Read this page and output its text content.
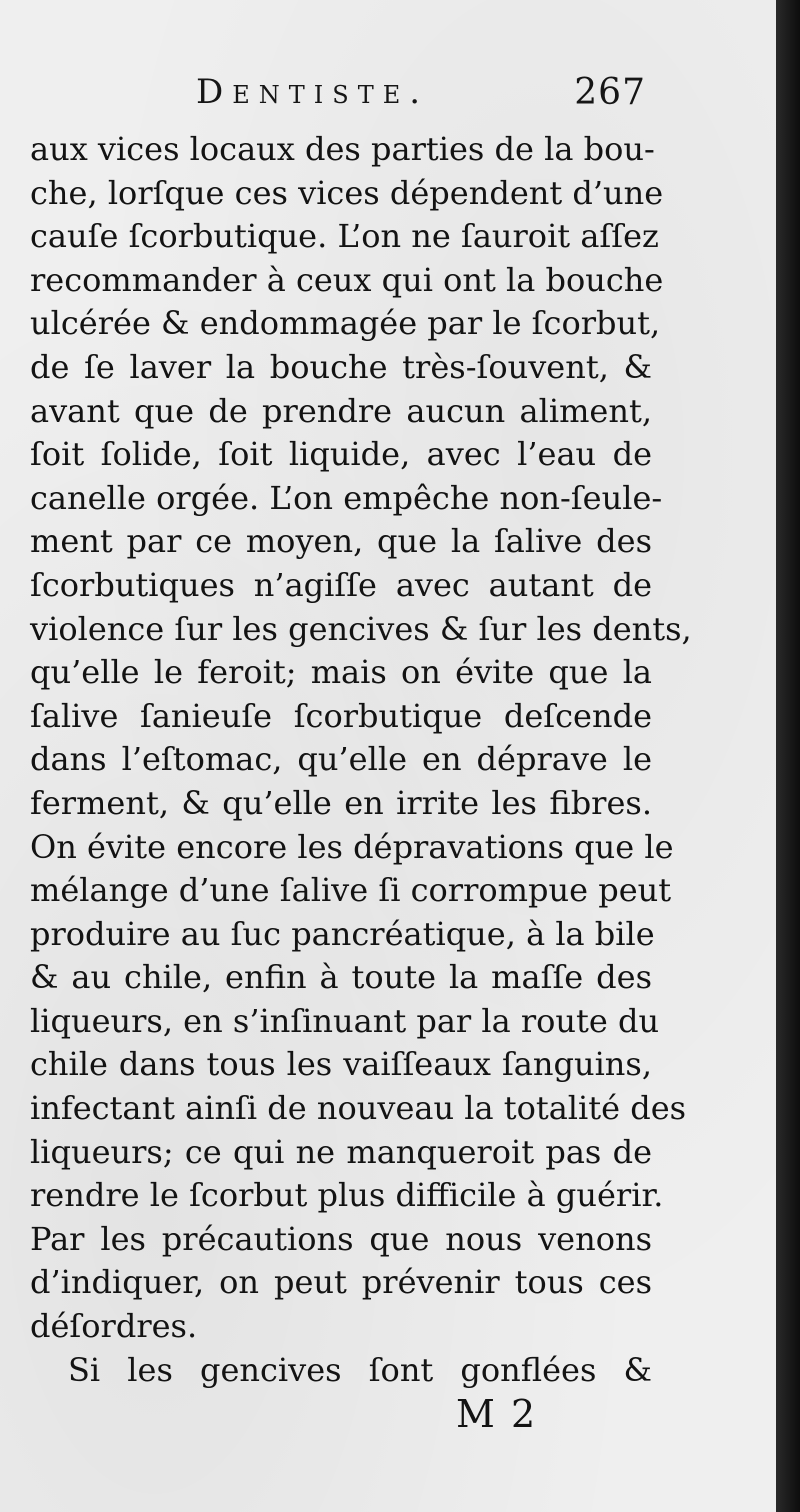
Dentiste.	267
aux vices locaux des parties de la bou-
che, lorſque ces vices dépendent d’une
cauſe ſcorbutique. L’on ne ſauroit aſſez
recommander à ceux qui ont la bouche
ulcérée & endommagée par le ſcorbut,
de ſe laver la bouche très-ſouvent, &
avant que de prendre aucun aliment,
ſoit ſolide, ſoit liquide, avec l’eau de
canelle orgée. L’on empêche non-ſeule-
ment par ce moyen, que la ſalive des
ſcorbutiques n’agiſſe avec autant de
violence ſur les gencives & ſur les dents,
qu’elle le feroit; mais on évite que la
ſalive ſanieuſe ſcorbutique deſcende
dans l’eſtomac, qu’elle en déprave le
ferment, & qu’elle en irrite les fibres.
On évite encore les dépravations que le
mélange d’une ſalive ſi corrompue peut
produire au ſuc pancréatique, à la bile
& au chile, enfin à toute la maſſe des
liqueurs, en s’inſinuant par la route du
chile dans tous les vaiſſeaux ſanguins,
infectant ainſi de nouveau la totalité des
liqueurs; ce qui ne manqueroit pas de
rendre le ſcorbut plus difficile à guérir.
Par les précautions que nous venons
d’indiquer, on peut prévenir tous ces
déſordres.
Si les gencives ſont gonflées &
M 2
